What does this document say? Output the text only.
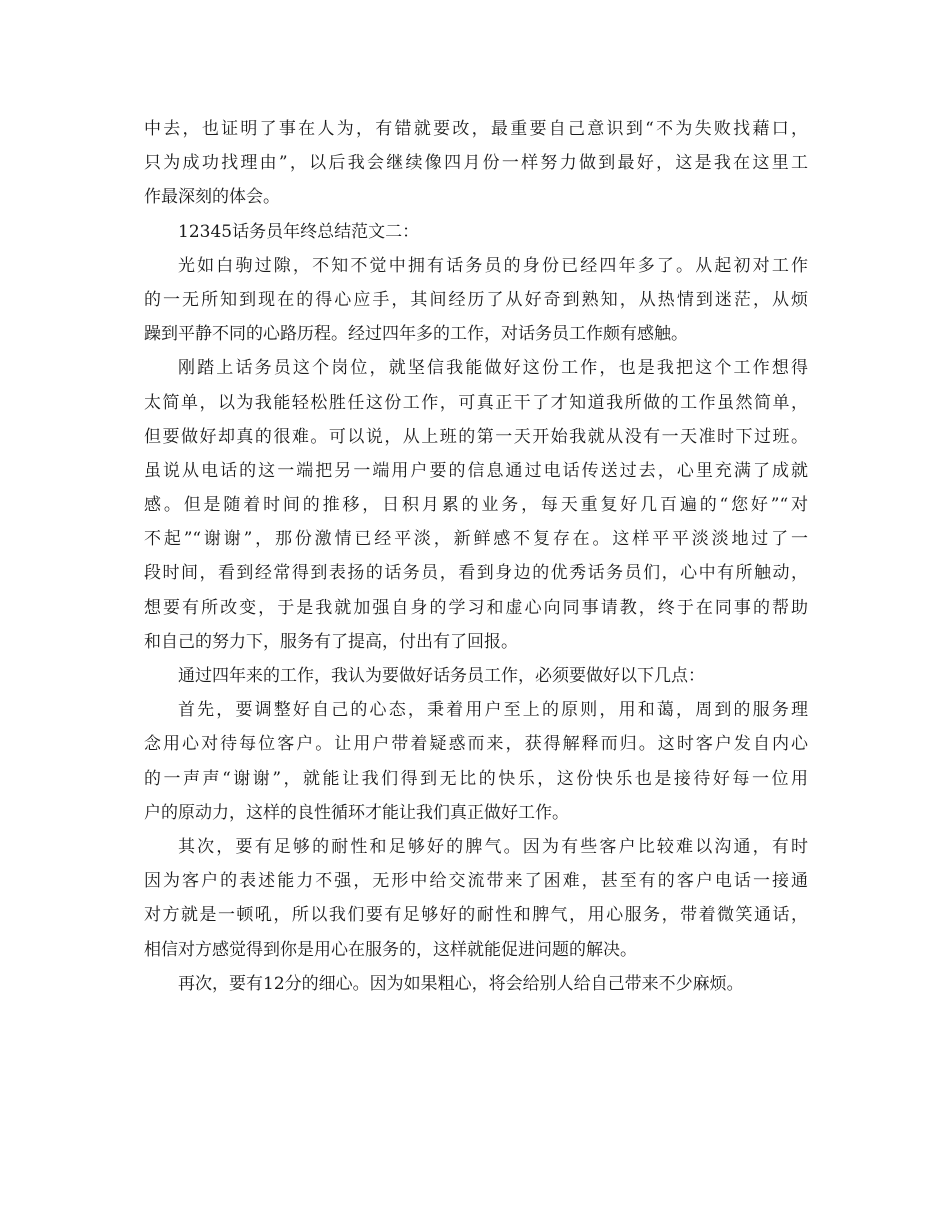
中去，也证明了事在人为，有错就要改，最重要自己意识到“不为失败找藉口，
只为成功找理由”，以后我会继续像四月份一样努力做到最好，这是我在这里工
作最深刻的体会。
12345话务员年终总结范文二：
光如白驹过隙，不知不觉中拥有话务员的身份已经四年多了。从起初对工作
的一无所知到现在的得心应手，其间经历了从好奇到熟知，从热情到迷茫，从烦
躁到平静不同的心路历程。经过四年多的工作，对话务员工作颇有感触。
刚踏上话务员这个岗位，就坚信我能做好这份工作，也是我把这个工作想得
太简单，以为我能轻松胜任这份工作，可真正干了才知道我所做的工作虽然简单，
但要做好却真的很难。可以说，从上班的第一天开始我就从没有一天准时下过班。
虽说从电话的这一端把另一端用户要的信息通过电话传送过去，心里充满了成就
感。但是随着时间的推移，日积月累的业务，每天重复好几百遍的“您好”“对
不起”“谢谢”，那份激情已经平淡，新鲜感不复存在。这样平平淡淡地过了一
段时间，看到经常得到表扬的话务员，看到身边的优秀话务员们，心中有所触动，
想要有所改变，于是我就加强自身的学习和虚心向同事请教，终于在同事的帮助
和自己的努力下，服务有了提高，付出有了回报。
通过四年来的工作，我认为要做好话务员工作，必须要做好以下几点：
首先，要调整好自己的心态，秉着用户至上的原则，用和蔼，周到的服务理
念用心对待每位客户。让用户带着疑惑而来，获得解释而归。这时客户发自内心
的一声声“谢谢”，就能让我们得到无比的快乐，这份快乐也是接待好每一位用
户的原动力，这样的良性循环才能让我们真正做好工作。
其次，要有足够的耐性和足够好的脾气。因为有些客户比较难以沟通，有时
因为客户的表述能力不强，无形中给交流带来了困难，甚至有的客户电话一接通
对方就是一顿吼，所以我们要有足够好的耐性和脾气，用心服务，带着微笑通话，
相信对方感觉得到你是用心在服务的，这样就能促进问题的解决。
再次，要有12分的细心。因为如果粗心，将会给别人给自己带来不少麻烦。
